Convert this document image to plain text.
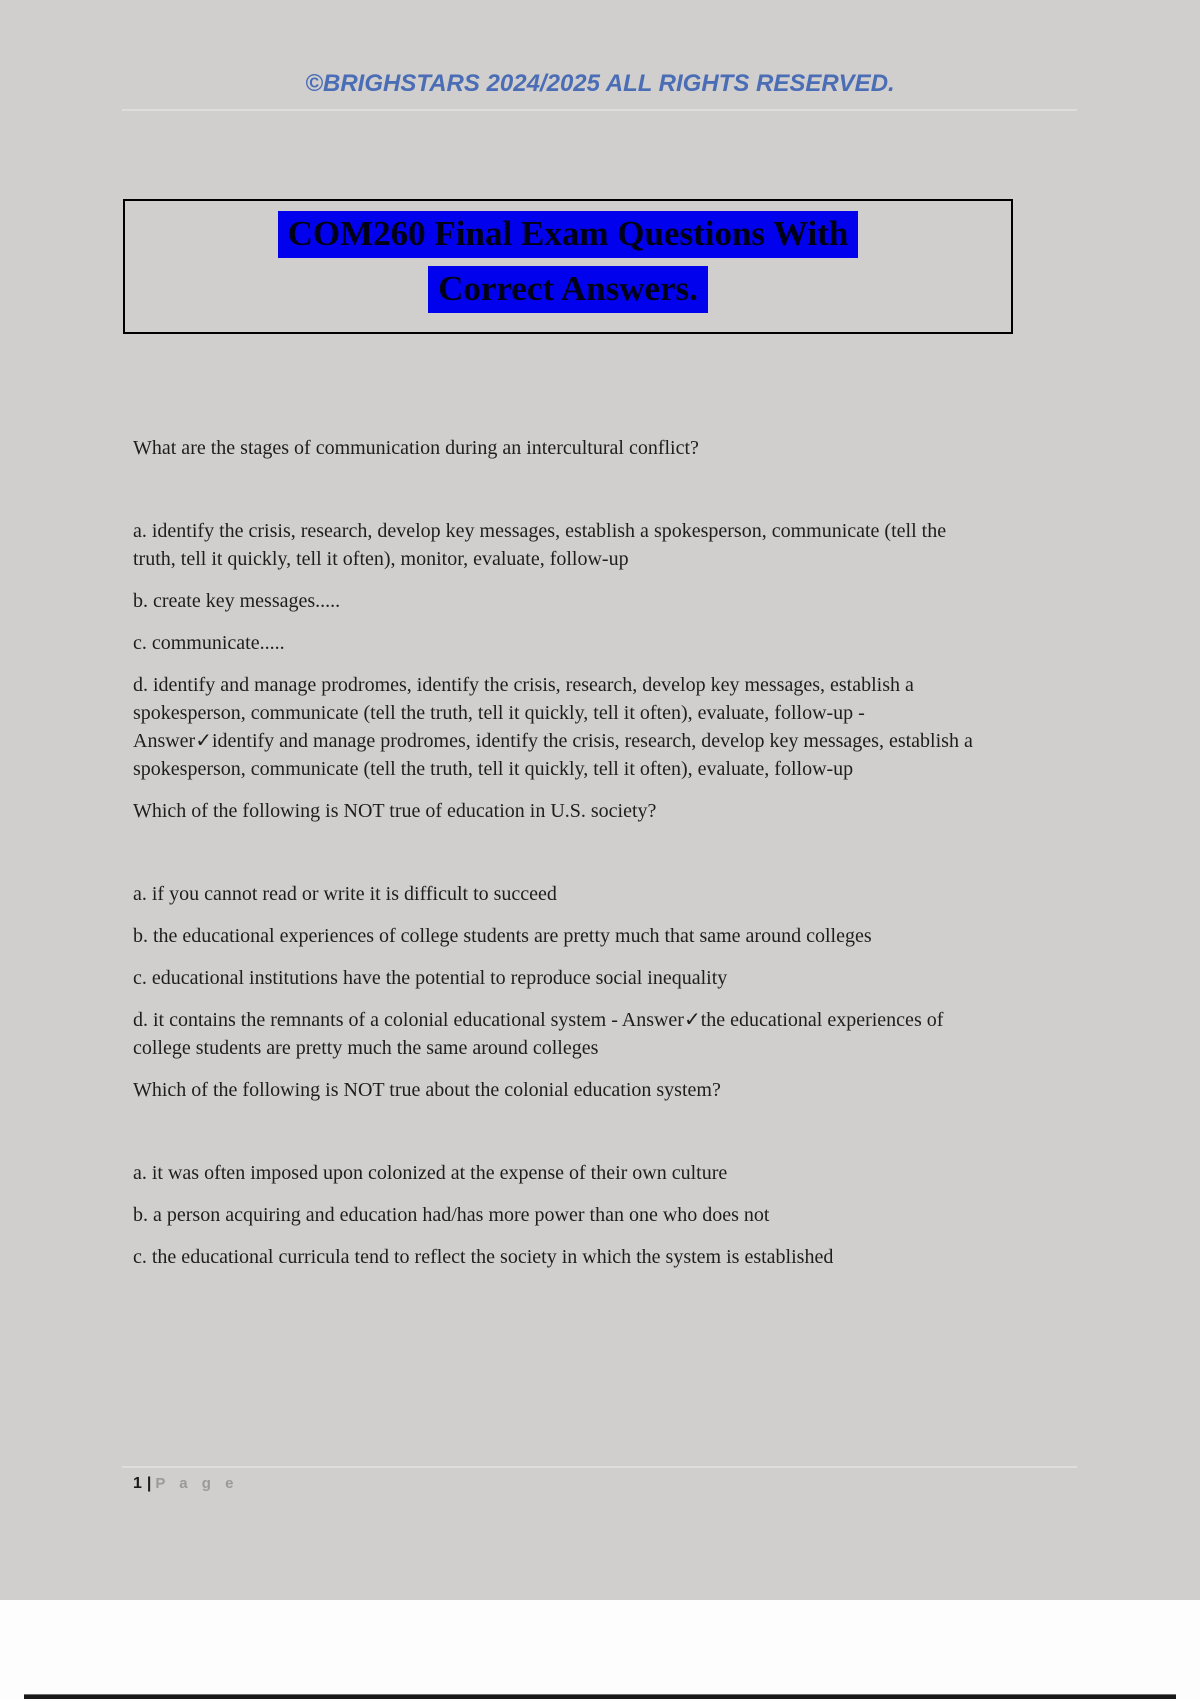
©BRIGHSTARS 2024/2025 ALL RIGHTS RESERVED.
COM260 Final Exam Questions With
Correct Answers.

What are the stages of communication during an intercultural conflict?

a. identify the crisis, research, develop key messages, establish a spokesperson, communicate (tell the truth, tell it quickly, tell it often), monitor, evaluate, follow-up

b. create key messages.....

c. communicate.....

d. identify and manage prodromes, identify the crisis, research, develop key messages, establish a spokesperson, communicate (tell the truth, tell it quickly, tell it often), evaluate, follow-up - Answer✓identify and manage prodromes, identify the crisis, research, develop key messages, establish a spokesperson, communicate (tell the truth, tell it quickly, tell it often), evaluate, follow-up

Which of the following is NOT true of education in U.S. society?

a. if you cannot read or write it is difficult to succeed

b. the educational experiences of college students are pretty much that same around colleges

c. educational institutions have the potential to reproduce social inequality

d. it contains the remnants of a colonial educational system - Answer✓the educational experiences of college students are pretty much the same around colleges

Which of the following is NOT true about the colonial education system?

a. it was often imposed upon colonized at the expense of their own culture

b. a person acquiring and education had/has more power than one who does not

c. the educational curricula tend to reflect the society in which the system is established

1 | P a g e
